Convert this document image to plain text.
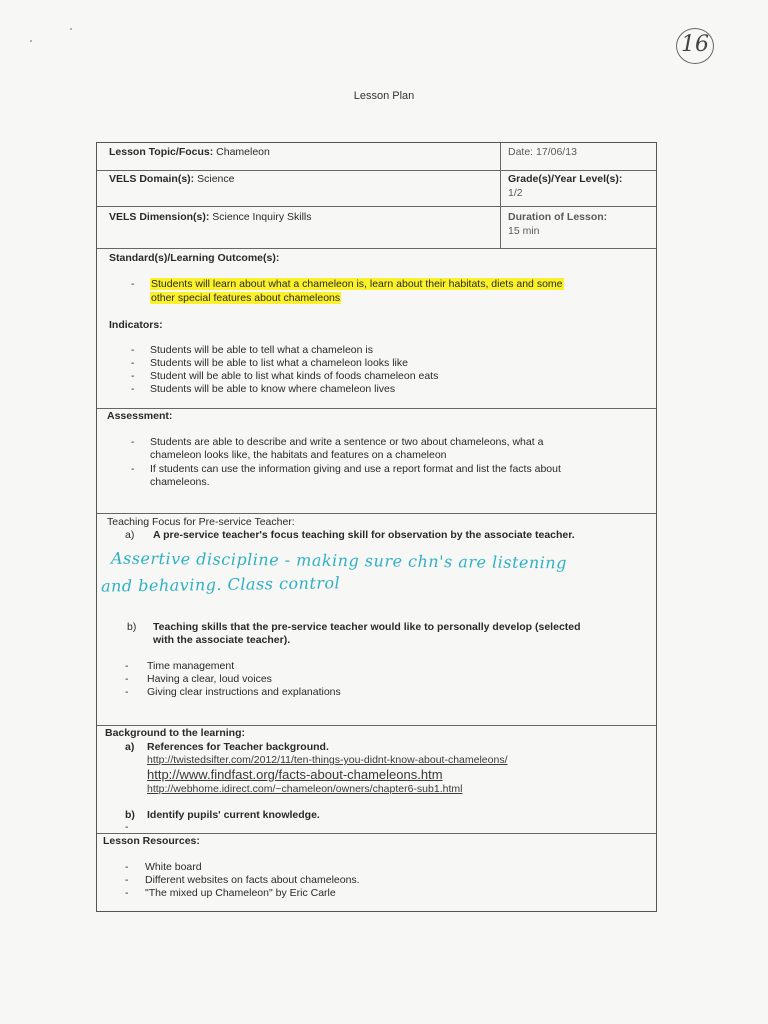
16
Lesson Plan
Lesson Topic/Focus: Chameleon	Date: 17/06/13
VELS Domain(s): Science	Grade(s)/Year Level(s):
1/2
VELS Dimension(s): Science Inquiry Skills	Duration of Lesson:
15 min
Standard(s)/Learning Outcome(s):
- Students will learn about what a chameleon is, learn about their habitats, diets and some
other special features about chameleons
Indicators:
- Students will be able to tell what a chameleon is
- Students will be able to list what a chameleon looks like
- Student will be able to list what kinds of foods chameleon eats
- Students will be able to know where chameleon lives
Assessment:
- Students are able to describe and write a sentence or two about chameleons, what a
chameleon looks like, the habitats and features on a chameleon
- If students can use the information giving and use a report format and list the facts about
chameleons.
Teaching Focus for Pre-service Teacher:
a) A pre-service teacher's focus teaching skill for observation by the associate teacher.
Assertive discipline - making sure chn's are listening
and behaving. Class control
b) Teaching skills that the pre-service teacher would like to personally develop (selected
with the associate teacher).
- Time management
- Having a clear, loud voices
- Giving clear instructions and explanations
Background to the learning:
a) References for Teacher background.
http://twistedsifter.com/2012/11/ten-things-you-didnt-know-about-chameleons/
http://www.findfast.org/facts-about-chameleons.htm
http://webhome.idirect.com/~chameleon/owners/chapter6-sub1.html
b) Identify pupils' current knowledge.
-
Lesson Resources:
- White board
- Different websites on facts about chameleons.
- "The mixed up Chameleon" by Eric Carle
